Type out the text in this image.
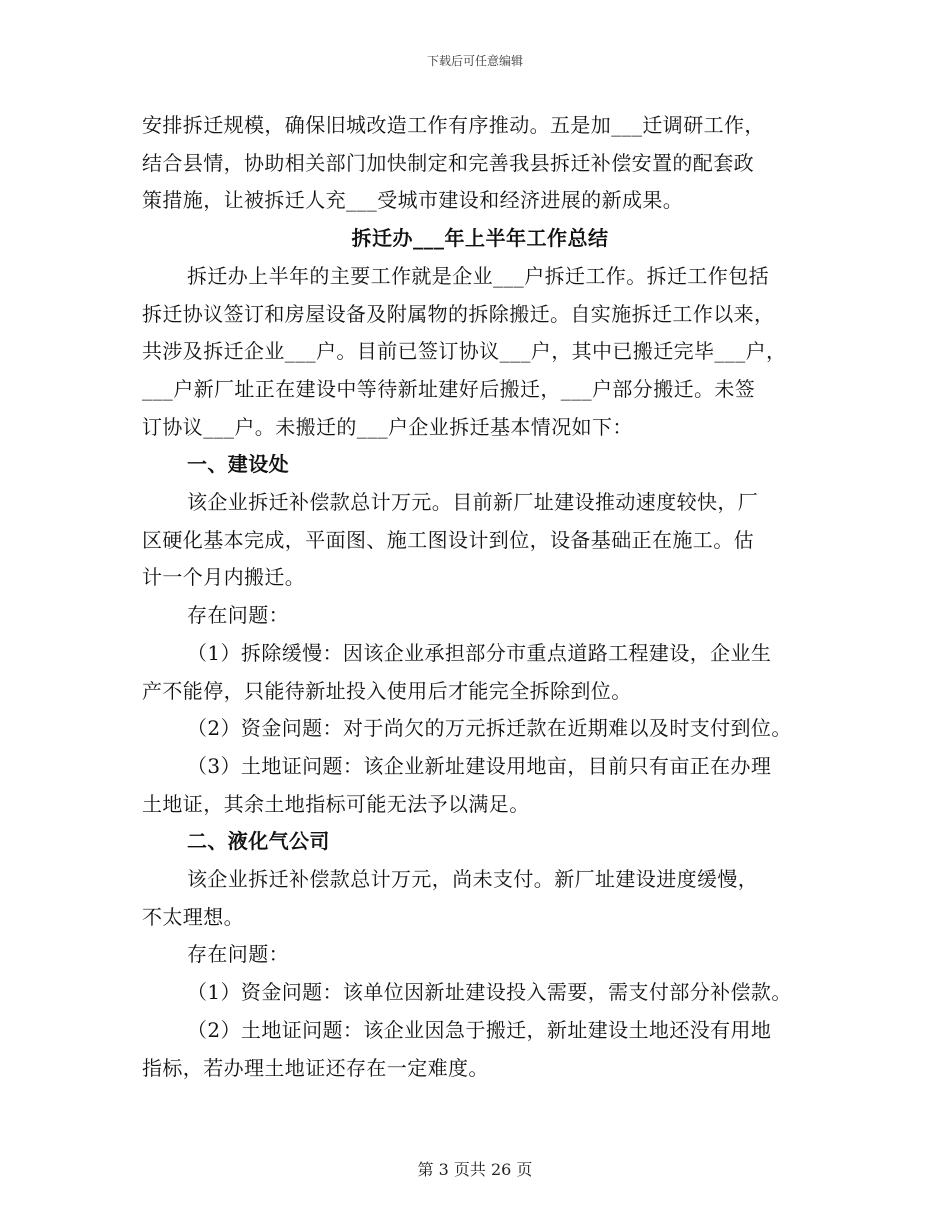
下载后可任意编辑

安排拆迁规模，确保旧城改造工作有序推动。五是加___迁调研工作，

结合县情，协助相关部门加快制定和完善我县拆迁补偿安置的配套政

策措施，让被拆迁人充___受城市建设和经济进展的新成果。

拆迁办___年上半年工作总结

拆迁办上半年的主要工作就是企业___户拆迁工作。拆迁工作包括

拆迁协议签订和房屋设备及附属物的拆除搬迁。自实施拆迁工作以来，

共涉及拆迁企业___户。目前已签订协议___户，其中已搬迁完毕___户，

___户新厂址正在建设中等待新址建好后搬迁，___户部分搬迁。未签

订协议___户。未搬迁的___户企业拆迁基本情况如下：

一、建设处

该企业拆迁补偿款总计万元。目前新厂址建设推动速度较快，厂

区硬化基本完成，平面图、施工图设计到位，设备基础正在施工。估

计一个月内搬迁。

存在问题：

（1）拆除缓慢：因该企业承担部分市重点道路工程建设，企业生

产不能停，只能待新址投入使用后才能完全拆除到位。

（2）资金问题：对于尚欠的万元拆迁款在近期难以及时支付到位。

（3）土地证问题：该企业新址建设用地亩，目前只有亩正在办理

土地证，其余土地指标可能无法予以满足。

二、液化气公司

该企业拆迁补偿款总计万元，尚未支付。新厂址建设进度缓慢，

不太理想。

存在问题：

（1）资金问题：该单位因新址建设投入需要，需支付部分补偿款。

（2）土地证问题：该企业因急于搬迁，新址建设土地还没有用地

指标，若办理土地证还存在一定难度。

第 3 页共 26 页
